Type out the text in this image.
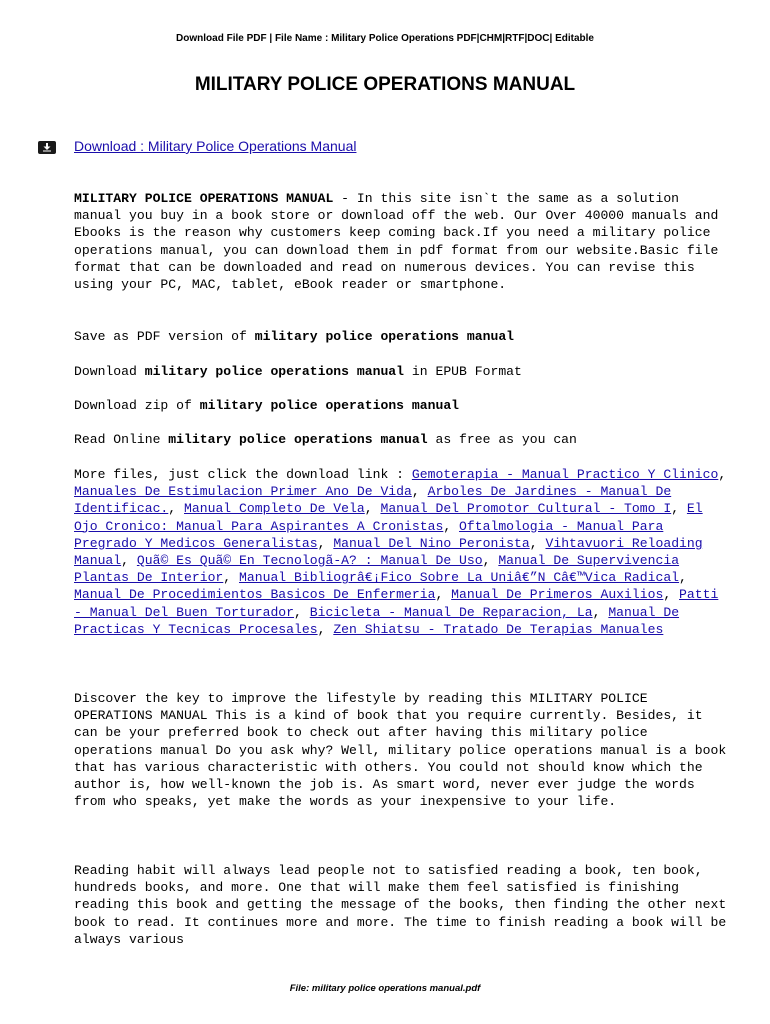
Download File PDF | File Name : Military Police Operations PDF|CHM|RTF|DOC| Editable
MILITARY POLICE OPERATIONS MANUAL
Download : Military Police Operations Manual

MILITARY POLICE OPERATIONS MANUAL - In this site isn`t the same as a solution manual you buy in a book store or download off the web. Our Over 40000 manuals and Ebooks is the reason why customers keep coming back.If you need a military police operations manual, you can download them in pdf format from our website.Basic file format that can be downloaded and read on numerous devices. You can revise this using your PC, MAC, tablet, eBook reader or smartphone.

Save as PDF version of military police operations manual

Download military police operations manual in EPUB Format

Download zip of military police operations manual

Read Online military police operations manual as free as you can

More files, just click the download link : Gemoterapia - Manual Practico Y Clinico, Manuales De Estimulacion Primer Ano De Vida, Arboles De Jardines - Manual De Identificac., Manual Completo De Vela, Manual Del Promotor Cultural - Tomo I, El Ojo Cronico: Manual Para Aspirantes A Cronistas, Oftalmologia - Manual Para Pregrado Y Medicos Generalistas, Manual Del Nino Peronista, Vihtavuori Reloading Manual, Quã© Es Quã© En Tecnologã-A? : Manual De Uso, Manual De Supervivencia Plantas De Interior, Manual Bibliogrâ€¡Fico Sobre La Uniâ€”N Câ€™Vica Radical, Manual De Procedimientos Basicos De Enfermeria, Manual De Primeros Auxilios, Patti - Manual Del Buen Torturador, Bicicleta - Manual De Reparacion, La, Manual De Practicas Y Tecnicas Procesales, Zen Shiatsu - Tratado De Terapias Manuales

Discover the key to improve the lifestyle by reading this MILITARY POLICE OPERATIONS MANUAL This is a kind of book that you require currently. Besides, it can be your preferred book to check out after having this military police operations manual Do you ask why? Well, military police operations manual is a book that has various characteristic with others. You could not should know which the author is, how well-known the job is. As smart word, never ever judge the words from who speaks, yet make the words as your inexpensive to your life.

Reading habit will always lead people not to satisfied reading a book, ten book, hundreds books, and more. One that will make them feel satisfied is finishing reading this book and getting the message of the books, then finding the other next book to read. It continues more and more. The time to finish reading a book will be always various

File: military police operations manual.pdf
